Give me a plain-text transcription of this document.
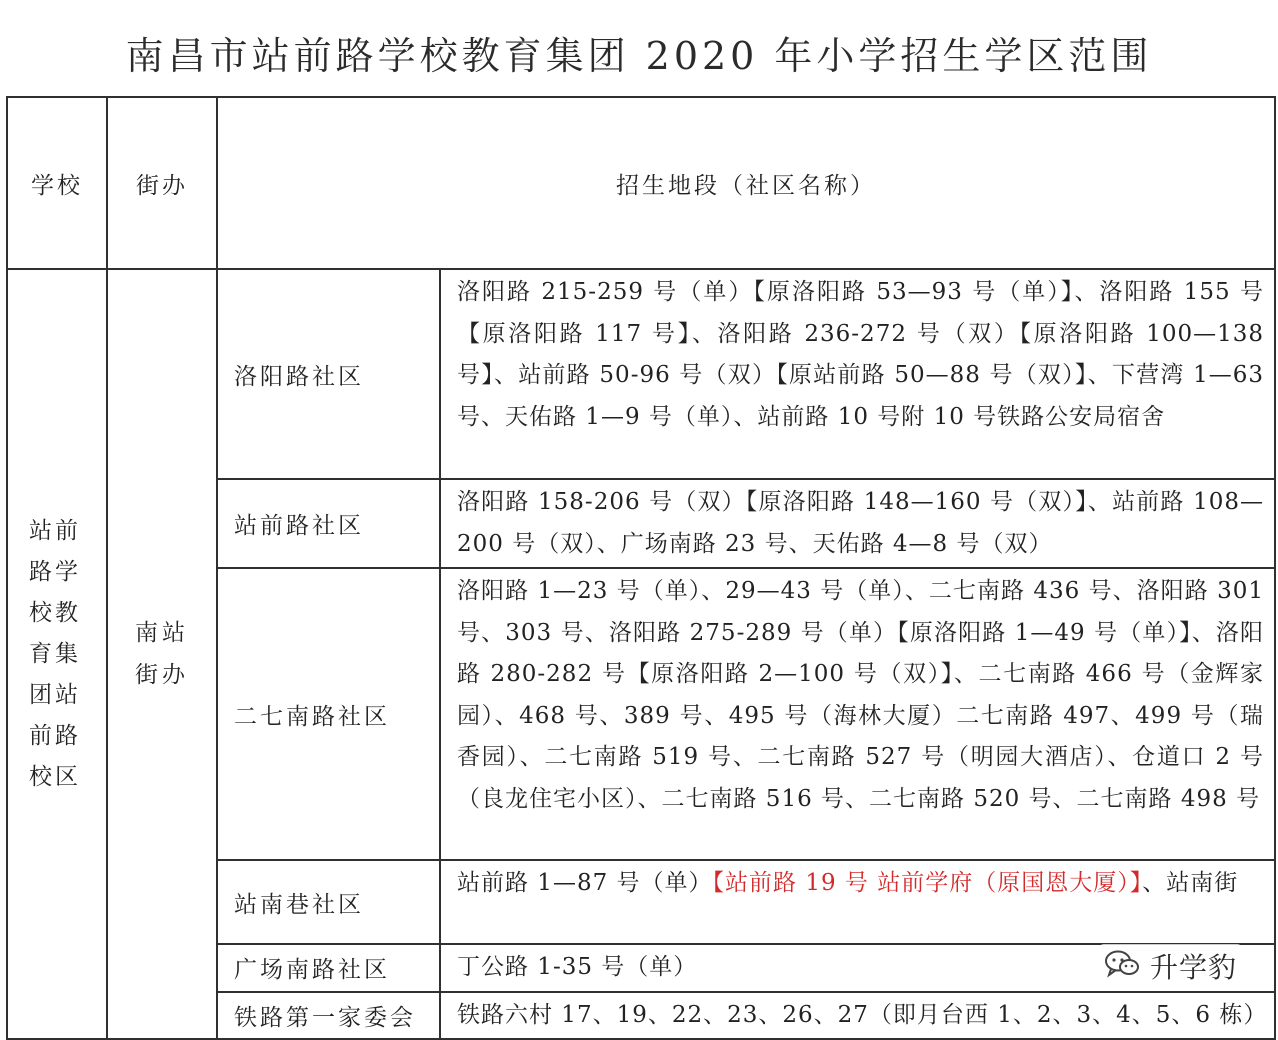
南昌市站前路学校教育集团 2020 年小学招生学区范围
学校	街办	招生地段（社区名称）	
站前路学校教育集团站前路校区	南站街办	洛阳路社区	洛阳路 215-259 号（单）【原洛阳路 53—93 号（单）】、洛阳路 155 号【原洛阳路 117 号】、洛阳路 236-272 号（双）【原洛阳路 100—138 号】、站前路 50-96 号（双）【原站前路 50—88 号（双）】、下营湾 1—63 号、天佑路 1—9 号（单）、站前路 10 号附 10 号铁路公安局宿舍
		站前路社区	洛阳路 158-206 号（双）【原洛阳路 148—160 号（双）】、站前路 108—200 号（双）、广场南路 23 号、天佑路 4—8 号（双）
		二七南路社区	洛阳路 1—23 号（单）、29—43 号（单）、二七南路 436 号、洛阳路 301 号、303 号、洛阳路 275-289 号（单）【原洛阳路 1—49 号（单）】、洛阳路 280-282 号【原洛阳路 2—100 号（双）】、二七南路 466 号（金辉家园）、468 号、389 号、495 号（海林大厦）二七南路 497、499 号（瑞香园）、二七南路 519 号、二七南路 527 号（明园大酒店）、仓道口 2 号（良龙住宅小区）、二七南路 516 号、二七南路 520 号、二七南路 498 号
		站南巷社区	站前路 1—87 号（单）【站前路 19 号 站前学府（原国恩大厦）】、站南街
		广场南路社区	丁公路 1-35 号（单）
		铁路第一家委会	铁路六村 17、19、22、23、26、27（即月台西 1、2、3、4、5、6 栋）
升学豹
